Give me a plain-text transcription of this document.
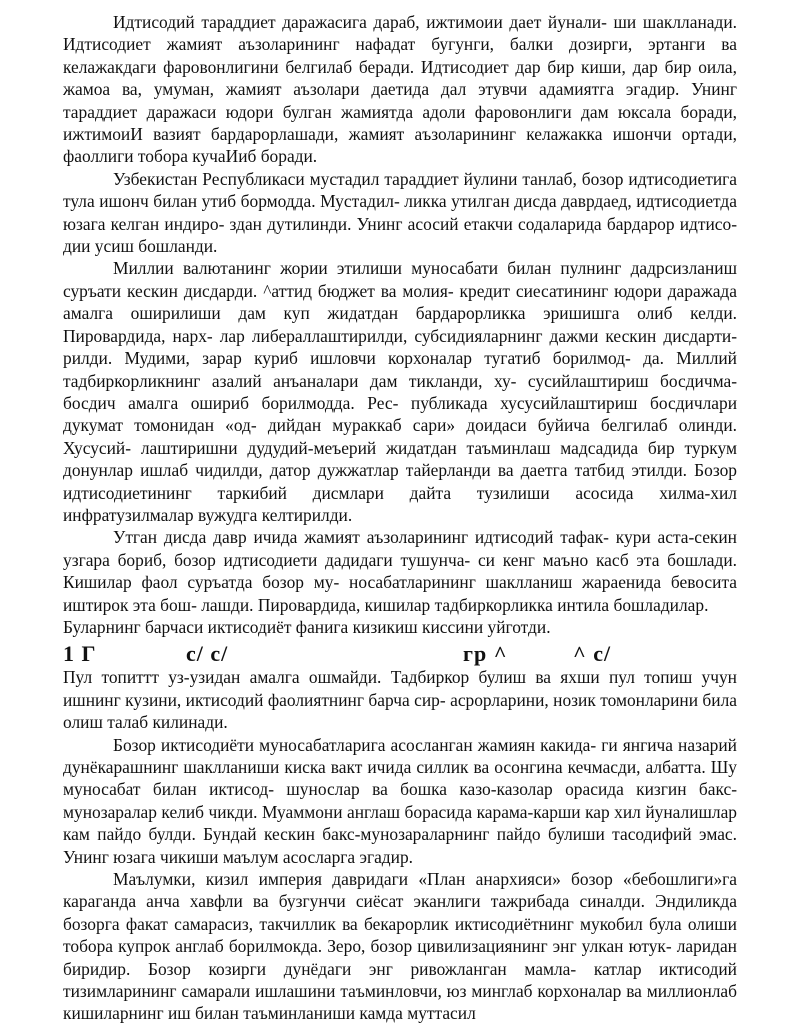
Идтисодий тараддиет даражасига дараб, ижтимоии дает йунали- ши шаклланади. Идтисодиет жамият аъзоларининг нафадат бугунги, балки дозирги, эртанги ва келажакдаги фаровонлигини белгилаб беради. Идтисодиет дар бир киши, дар бир оила, жамоа ва, умуман, жамият аъзолари даетида дал этувчи адамиятга эгадир. Унинг тараддиет даражаси юдори булган жамиятда адоли фаровонлиги дам юксала боради, ижтимоиИ вазият бардарорлашади, жамият аъзоларининг келажакка ишончи ортади, фаоллиги тобора кучаИиб боради.

Узбекистан Республикаси мустадил тараддиет йулини танлаб, бозор идтисодиетига тула ишонч билан утиб бормодда. Мустадил- ликка утилган дисда даврдаед, идтисодиетда юзага келган индиро- здан дутилинди. Унинг асосий етакчи содаларида бардарор идтисо- дии усиш бошланди.

Миллии валютанинг жории этилиши муносабати билан пулнинг дадрсизланиш суръати кескин дисдарди. ^аттид бюджет ва молия- кредит сиесатининг юдори даражада амалга оширилиши дам куп жидатдан бардарорликка эришишга олиб келди. Пировардида, нарх- лар либераллаштирилди, субсидияларнинг дажми кескин дисдарти- рилди. Мудими, зарар куриб ишловчи корхоналар тугатиб борилмод- да. Миллий тадбиркорликнинг азалий анъаналари дам тикланди, ху- сусийлаштириш босдичма-босдич амалга ошириб борилмодда. Рес- публикада хусусийлаштириш босдичлари дукумат томонидан «од- дийдан мураккаб сари» доидаси буйича белгилаб олинди. Хусусий- лаштиришни дудудий-меъерий жидатдан таъминлаш мадсадида бир туркум донунлар ишлаб чидилди, датор дужжатлар тайерланди ва даетга татбид этилди. Бозор идтисодиетининг таркибий дисмлари дайта тузилиши асосида хилма-хил инфратузилмалар вужудга келтирилди.

Утган дисда давр ичида жамият аъзоларининг идтисодий тафак- кури аста-секин узгара бориб, бозор идтисодиети дадидаги тушунча- си кенг маъно касб эта бошлади. Кишилар фаол суръатда бозор му- носабатларининг шаклланиш жараенида бевосита иштирок эта бош- лашди. Пировардида, кишилар тадбиркорликка интила бошладилар.

Буларнинг барчаси иктисодиёт фанига кизикиш киссини уйготди.

1 Г	с/ с/	гр ^	^ с/

Пул топиттт уз-узидан амалга ошмайди. Тадбиркор булиш ва яхши пул топиш учун ишнинг кузини, иктисодий фаолиятнинг барча сир- асрорларини, нозик томонларини била олиш талаб килинади.

Бозор иктисодиёти муносабатларига асосланган жамиян какида- ги янгича назарий дунёкарашнинг шаклланиши киска вакт ичида силлик ва осонгина кечмасди, албатта. Шу муносабат билан иктисод- шунослар ва бошка казо-казолар орасида кизгин бакс-мунозаралар келиб чикди. Муаммони англаш борасида карама-карши кар хил йуналишлар кам пайдо булди. Бундай кескин бакс-мунозараларнинг пайдо булиши тасодифий эмас. Унинг юзага чикиши маълум асосларга эгадир.

Маълумки, кизил империя давридаги «План анархияси» бозор «бебошлиги»га караганда анча хавфли ва бузгунчи сиёсат эканлиги тажрибада синалди. Эндиликда бозорга факат самарасиз, такчиллик ва бекарорлик иктисодиётнинг мукобил була олиши тобора купрок англаб борилмокда. Зеро, бозор цивилизациянинг энг улкан ютук- ларидан биридир. Бозор козирги дунёдаги энг ривожланган мамла- катлар иктисодий тизимларининг самарали ишлашини таъминловчи, юз минглаб корхоналар ва миллионлаб кишиларнинг иш билан таъминланиши камда муттасил
